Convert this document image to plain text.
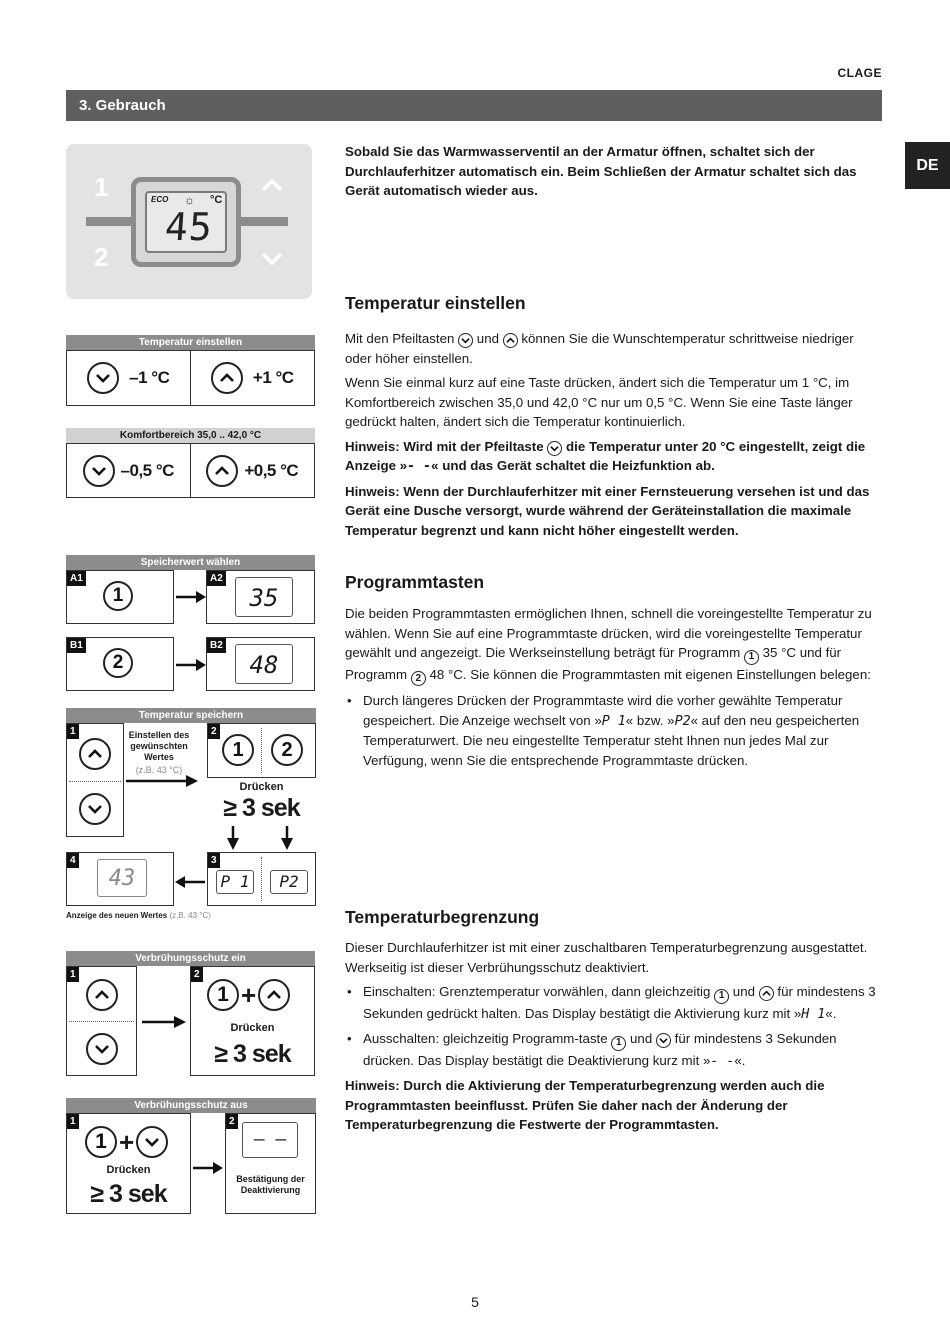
CLAGE
3. Gebrauch
DE
1
2
ECO ☼ °C
45
Temperatur einstellen
–1 °C	+1 °C
Komfortbereich 35,0 .. 42,0 °C
–0,5 °C	+0,5 °C
Speicherwert wählen
A1
1
A2
35
B1
2
B2
48
Temperatur speichern
1	Einstellen des gewünschten Wertes
(z.B. 43 °C)
2
1	2
Drücken
≥ 3 sek
3
P 1	P2
4
43
Anzeige des neuen Wertes (z.B. 43 °C)
Verbrühungsschutz ein
1	2
1 +
Drücken
≥ 3 sek
Verbrühungsschutz aus
1
1 +
Drücken
≥ 3 sek
2
– –
Bestätigung der Deaktivierung
Sobald Sie das Warmwasserventil an der Armatur öffnen, schaltet sich der Durchlauferhitzer automatisch ein. Beim Schließen der Armatur schaltet sich das Gerät automatisch wieder aus.
Temperatur einstellen

Mit den Pfeiltasten und können Sie die Wunschtemperatur schrittweise niedriger oder höher einstellen.

Wenn Sie einmal kurz auf eine Taste drücken, ändert sich die Temperatur um 1 °C, im Komfortbereich zwischen 35,0 und 42,0 °C nur um 0,5 °C. Wenn Sie eine Taste länger gedrückt halten, ändert sich die Temperatur kontinuierlich.

Hinweis: Wird mit der Pfeiltaste die Temperatur unter 20 °C eingestellt, zeigt die Anzeige »- -« und das Gerät schaltet die Heizfunktion ab.

Hinweis: Wenn der Durchlauferhitzer mit einer Fernsteuerung versehen ist und das Gerät eine Dusche versorgt, wurde während der Geräteinstallation die maximale Temperatur begrenzt und kann nicht höher eingestellt werden.

Programmtasten

Die beiden Programmtasten ermöglichen Ihnen, schnell die voreingestellte Temperatur zu wählen. Wenn Sie auf eine Programmtaste drücken, wird die voreingestellte Temperatur gewählt und angezeigt. Die Werkseinstellung beträgt für Programm 1 35 °C und für Programm 2 48 °C. Sie können die Programmtasten mit eigenen Einstellungen belegen:

• Durch längeres Drücken der Programmtaste wird die vorher gewählte Temperatur gespeichert. Die Anzeige wechselt von »P 1« bzw. »P2« auf den neu gespeicherten Temperaturwert. Die neu eingestellte Temperatur steht Ihnen nun jedes Mal zur Verfügung, wenn Sie die entsprechende Programmtaste drücken.

Temperaturbegrenzung

Dieser Durchlauferhitzer ist mit einer zuschaltbaren Temperaturbegrenzung ausgestattet. Werkseitig ist dieser Verbrühungsschutz deaktiviert.

• Einschalten: Grenztemperatur vorwählen, dann gleichzeitig 1 und für mindestens 3 Sekunden gedrückt halten. Das Display bestätigt die Aktivierung kurz mit »H 1«.

• Ausschalten: gleichzeitig Programm-taste 1 und für mindestens 3 Sekunden drücken. Das Display bestätigt die Deaktivierung kurz mit »- -«.

Hinweis: Durch die Aktivierung der Temperaturbegrenzung werden auch die Programmtasten beeinflusst. Prüfen Sie daher nach der Änderung der Temperaturbegrenzung die Festwerte der Programmtasten.

5
